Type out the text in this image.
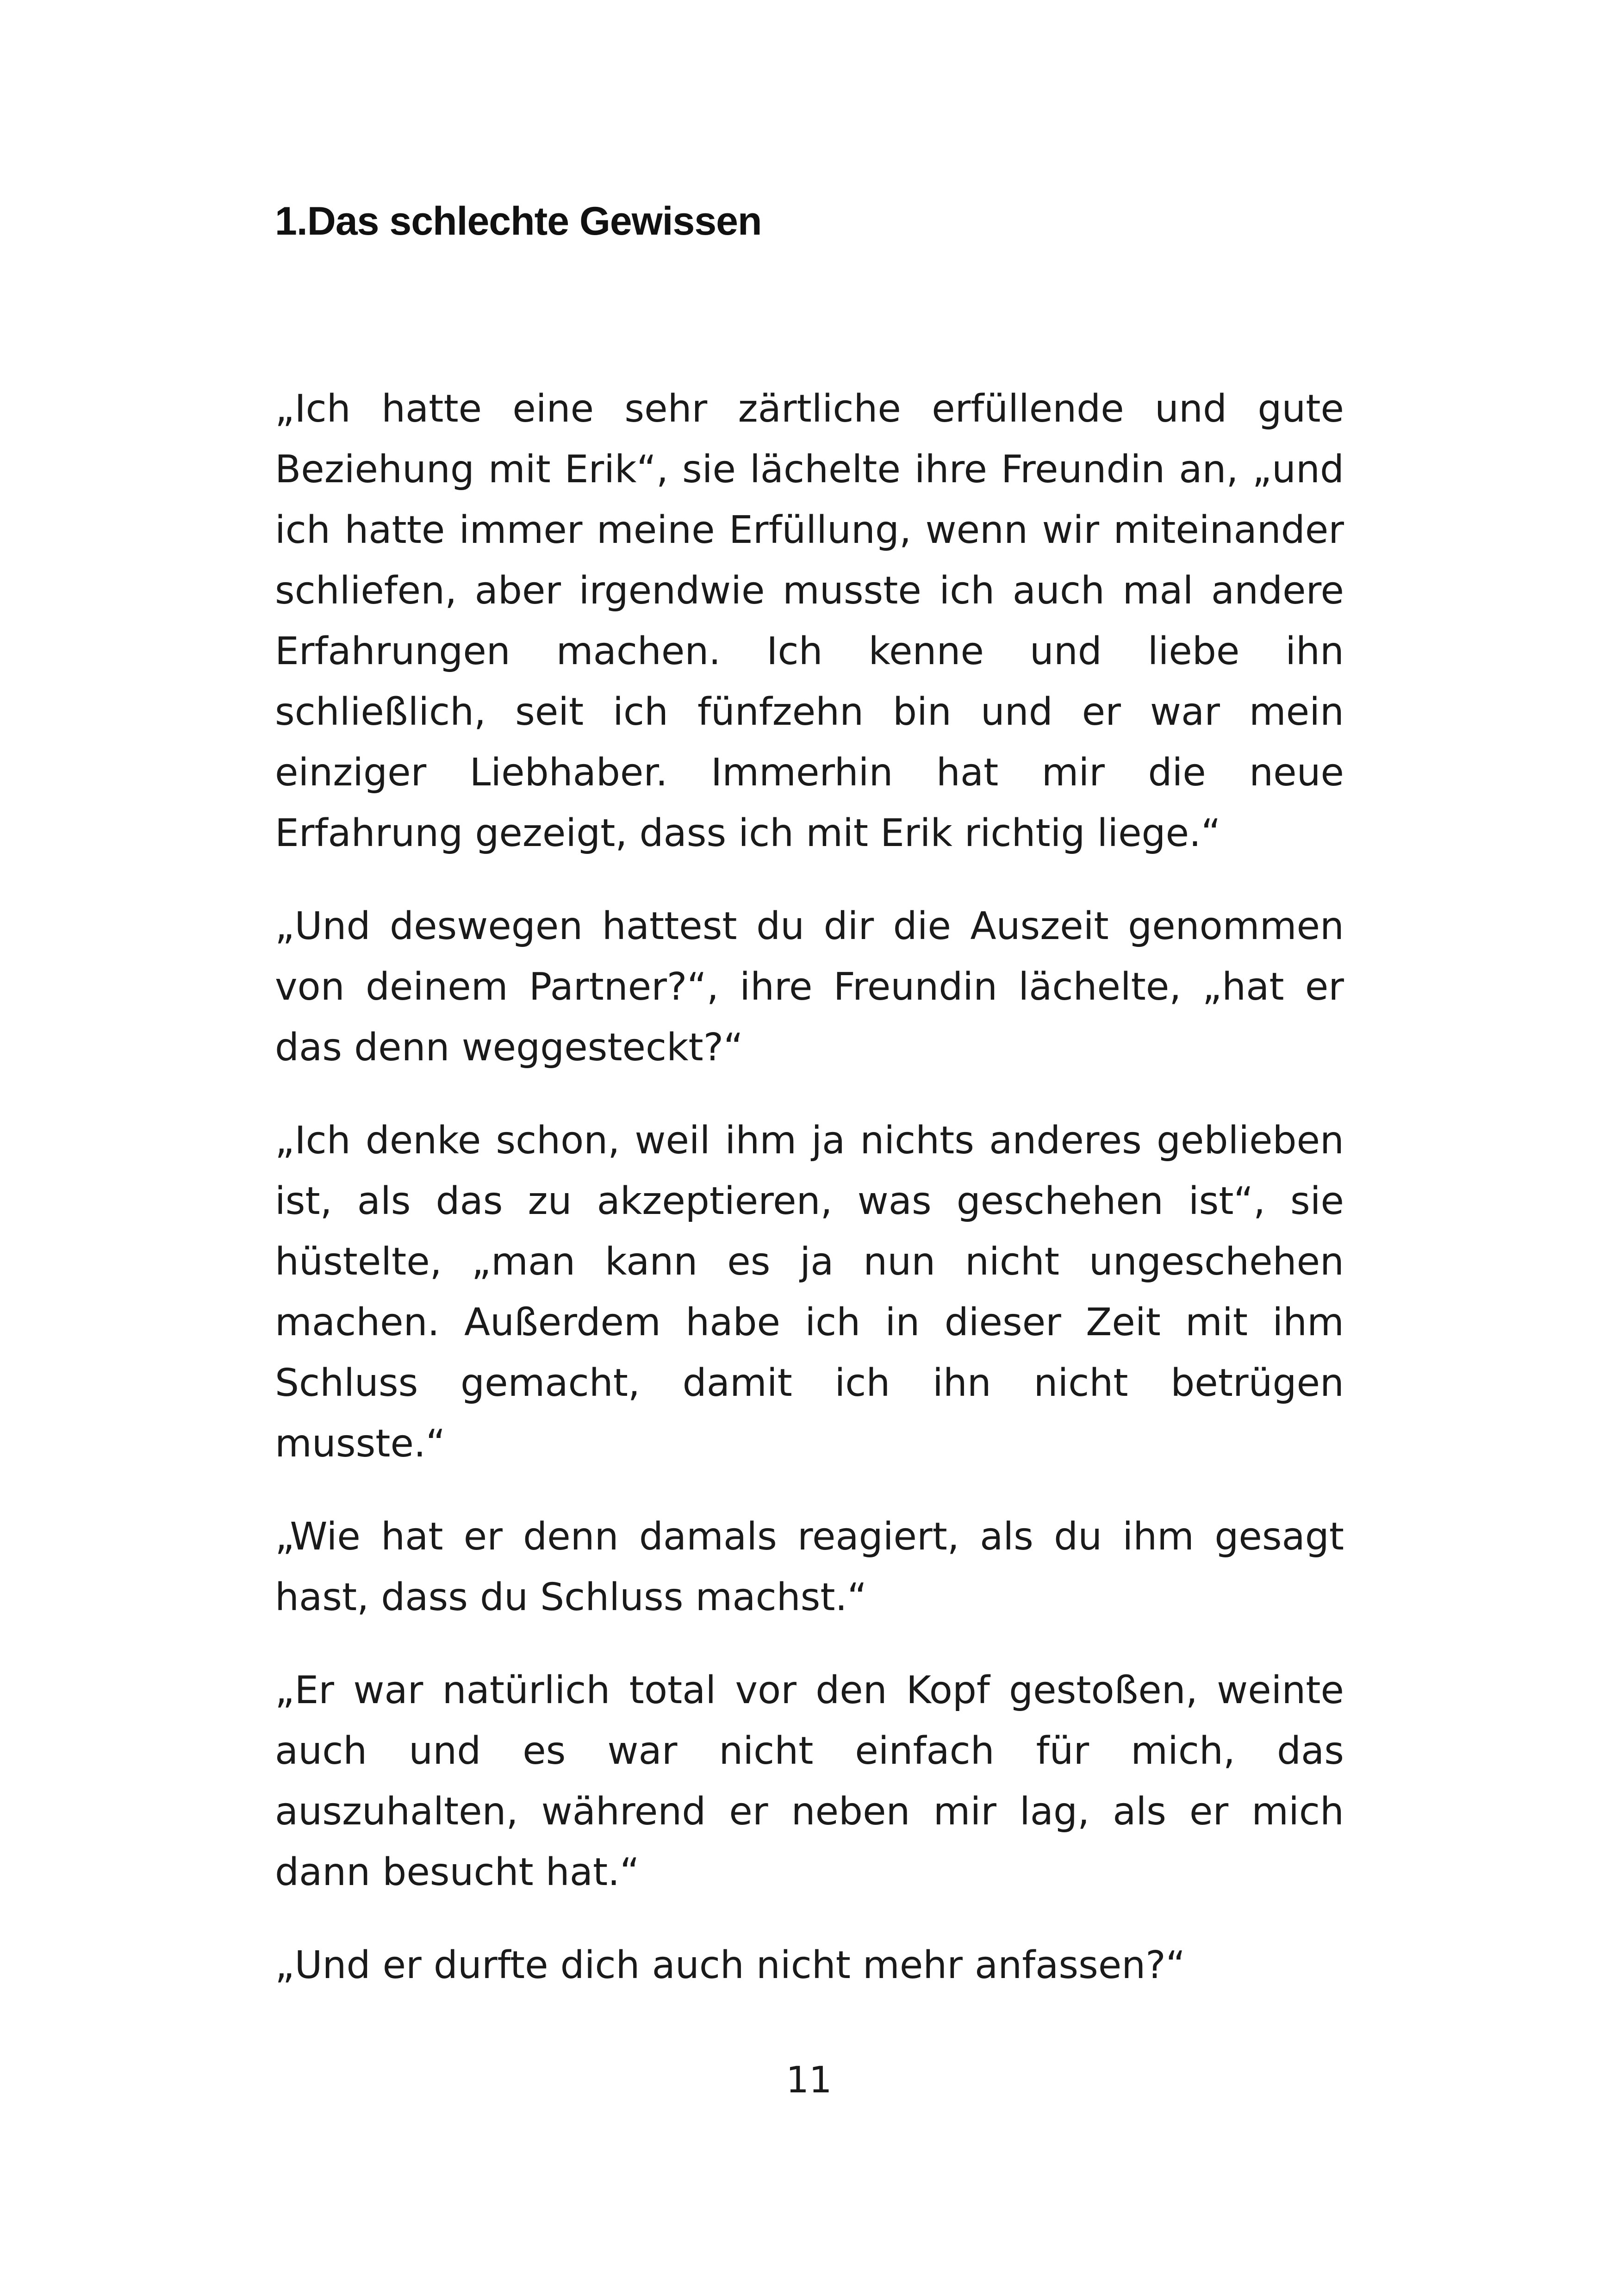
1.Das schlechte Gewissen

„Ich hatte eine sehr zärtliche erfüllende und gute Beziehung mit Erik“, sie lächelte ihre Freundin an, „und ich hatte immer meine Erfüllung, wenn wir miteinander schliefen, aber irgendwie musste ich auch mal andere Erfahrungen machen. Ich kenne und liebe ihn schließlich, seit ich fünfzehn bin und er war mein einziger Liebhaber. Immerhin hat mir die neue Erfahrung gezeigt, dass ich mit Erik richtig liege.“

„Und deswegen hattest du dir die Auszeit genommen von deinem Partner?“, ihre Freundin lächelte, „hat er das denn weggesteckt?“

„Ich denke schon, weil ihm ja nichts anderes geblieben ist, als das zu akzeptieren, was geschehen ist“, sie hüstelte, „man kann es ja nun nicht ungeschehen machen. Außerdem habe ich in dieser Zeit mit ihm Schluss gemacht, damit ich ihn nicht betrügen musste.“

„Wie hat er denn damals reagiert, als du ihm gesagt hast, dass du Schluss machst.“

„Er war natürlich total vor den Kopf gestoßen, weinte auch und es war nicht einfach für mich, das auszuhalten, während er neben mir lag, als er mich dann besucht hat.“

„Und er durfte dich auch nicht mehr anfassen?“

11
